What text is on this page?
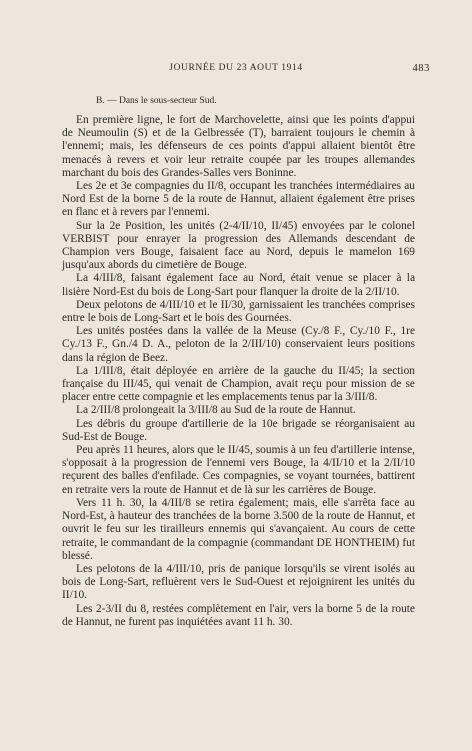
JOURNÉE DU 23 AOUT 1914	483
B. — Dans le sous-secteur Sud.

En première ligne, le fort de Marchovelette, ainsi que les points d'appui de Neumoulin (S) et de la Gelbressée (T), barraient toujours le chemin à l'ennemi; mais, les défenseurs de ces points d'appui allaient bientôt être menacés à revers et voir leur retraite coupée par les troupes allemandes marchant du bois des Grandes-Salles vers Boninne.

Les 2e et 3e compagnies du II/8, occupant les tranchées intermédiaires au Nord Est de la borne 5 de la route de Hannut, allaient également être prises en flanc et à revers par l'ennemi.

Sur la 2e Position, les unités (2-4/II/10, II/45) envoyées par le colonel VERBIST pour enrayer la progression des Allemands descendant de Champion vers Bouge, faisaient face au Nord, depuis le mamelon 169 jusqu'aux abords du cimetière de Bouge.

La 4/III/8, faisant également face au Nord, était venue se placer à la lisière Nord-Est du bois de Long-Sart pour flanquer la droite de la 2/II/10.

Deux pelotons de 4/III/10 et le II/30, garnissaient les tranchées comprises entre le bois de Long-Sart et le bois des Gournées.

Les unités postées dans la vallée de la Meuse (Cy./8 F., Cy./10 F., 1re Cy./13 F., Gn./4 D. A., peloton de la 2/III/10) conservaient leurs positions dans la région de Beez.

La 1/III/8, était déployée en arrière de la gauche du II/45; la section française du III/45, qui venait de Champion, avait reçu pour mission de se placer entre cette compagnie et les emplacements tenus par la 3/III/8.

La 2/III/8 prolongeait la 3/III/8 au Sud de la route de Hannut.

Les débris du groupe d'artillerie de la 10e brigade se réorganisaient au Sud-Est de Bouge.

Peu après 11 heures, alors que le II/45, soumis à un feu d'artillerie intense, s'opposait à la progression de l'ennemi vers Bouge, la 4/II/10 et la 2/II/10 reçurent des balles d'enfilade. Ces compagnies, se voyant tournées, battirent en retraite vers la route de Hannut et de là sur les carrières de Bouge.

Vers 11 h. 30, la 4/III/8 se retira également; mais, elle s'arrêta face au Nord-Est, à hauteur des tranchées de la borne 3.500 de la route de Hannut, et ouvrit le feu sur les tirailleurs ennemis qui s'avançaient. Au cours de cette retraite, le commandant de la compagnie (commandant DE HONTHEIM) fut blessé.

Les pelotons de la 4/III/10, pris de panique lorsqu'ils se virent isolés au bois de Long-Sart, refluèrent vers le Sud-Ouest et rejoignirent les unités du II/10.

Les 2-3/II du 8, restées complètement en l'air, vers la borne 5 de la route de Hannut, ne furent pas inquiétées avant 11 h. 30.
